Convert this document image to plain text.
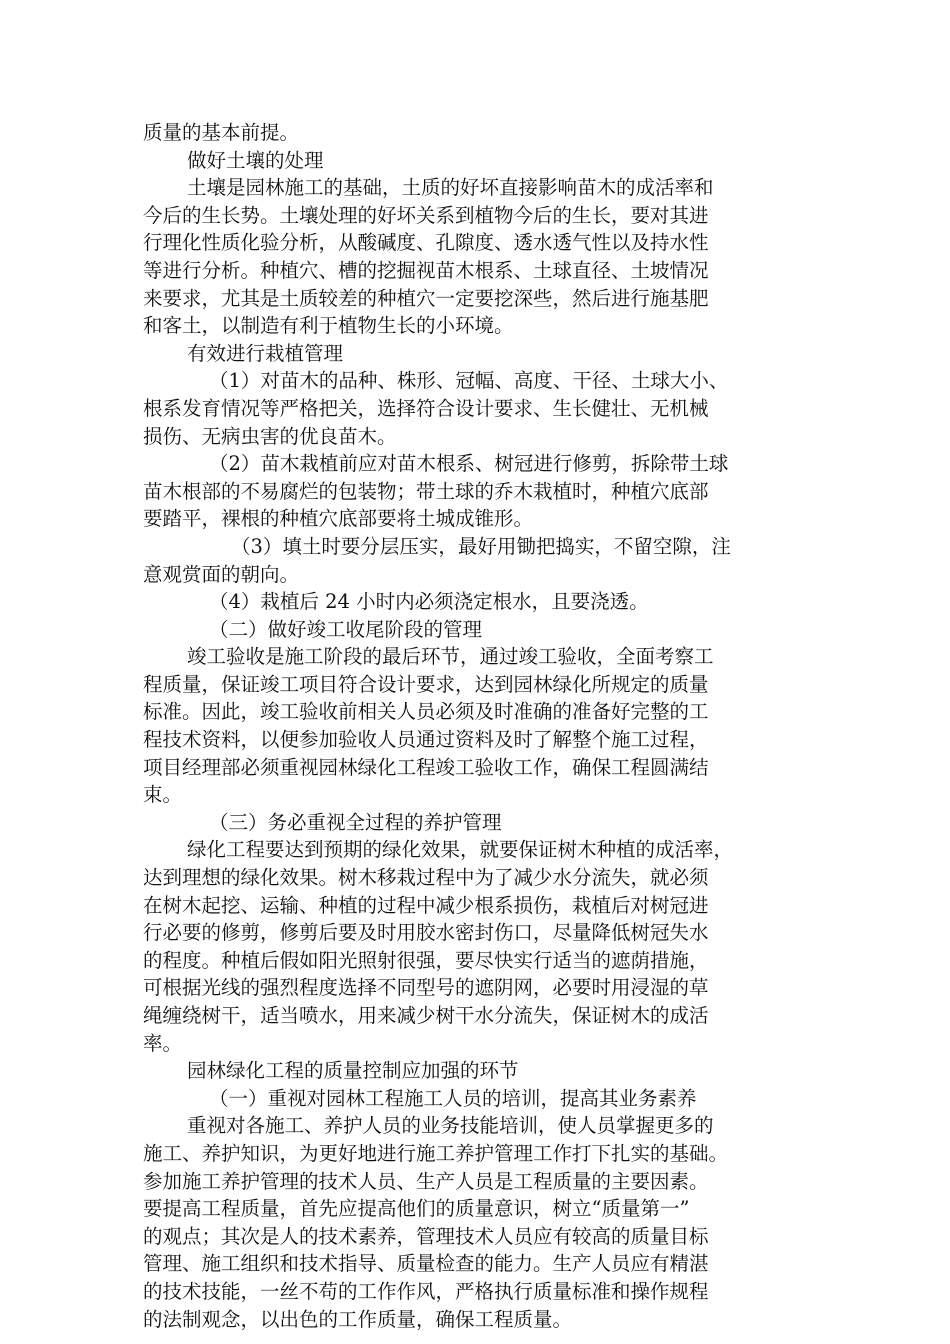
质量的基本前提。
做好土壤的处理
土壤是园林施工的基础，土质的好坏直接影响苗木的成活率和
今后的生长势。土壤处理的好坏关系到植物今后的生长，要对其进
行理化性质化验分析，从酸碱度、孔隙度、透水透气性以及持水性
等进行分析。种植穴、槽的挖掘视苗木根系、土球直径、土坡情况
来要求，尤其是土质较差的种植穴一定要挖深些，然后进行施基肥
和客土，以制造有利于植物生长的小环境。
有效进行栽植管理
（1）对苗木的品种、株形、冠幅、高度、干径、土球大小、
根系发育情况等严格把关，选择符合设计要求、生长健壮、无机械
损伤、无病虫害的优良苗木。
（2）苗木栽植前应对苗木根系、树冠进行修剪，拆除带土球
苗木根部的不易腐烂的包装物；带土球的乔木栽植时，种植穴底部
要踏平，裸根的种植穴底部要将土城成锥形。
（3）填土时要分层压实，最好用锄把捣实，不留空隙，注
意观赏面的朝向。
（4）栽植后 24 小时内必须浇定根水，且要浇透。
（二）做好竣工收尾阶段的管理
竣工验收是施工阶段的最后环节，通过竣工验收，全面考察工
程质量，保证竣工项目符合设计要求，达到园林绿化所规定的质量
标准。因此，竣工验收前相关人员必须及时准确的准备好完整的工
程技术资料，以便参加验收人员通过资料及时了解整个施工过程，
项目经理部必须重视园林绿化工程竣工验收工作，确保工程圆满结
束。
（三）务必重视全过程的养护管理
绿化工程要达到预期的绿化效果，就要保证树木种植的成活率，
达到理想的绿化效果。树木移栽过程中为了减少水分流失，就必须
在树木起挖、运输、种植的过程中减少根系损伤，栽植后对树冠进
行必要的修剪，修剪后要及时用胶水密封伤口，尽量降低树冠失水
的程度。种植后假如阳光照射很强，要尽快实行适当的遮荫措施，
可根据光线的强烈程度选择不同型号的遮阴网，必要时用浸湿的草
绳缠绕树干，适当喷水，用来减少树干水分流失，保证树木的成活
率。
园林绿化工程的质量控制应加强的环节
（一）重视对园林工程施工人员的培训，提高其业务素养
重视对各施工、养护人员的业务技能培训，使人员掌握更多的
施工、养护知识，为更好地进行施工养护管理工作打下扎实的基础。
参加施工养护管理的技术人员、生产人员是工程质量的主要因素。
要提高工程质量，首先应提高他们的质量意识，树立“质量第一”
的观点；其次是人的技术素养，管理技术人员应有较高的质量目标
管理、施工组织和技术指导、质量检查的能力。生产人员应有精湛
的技术技能，一丝不苟的工作作风，严格执行质量标准和操作规程
的法制观念，以出色的工作质量，确保工程质量。
